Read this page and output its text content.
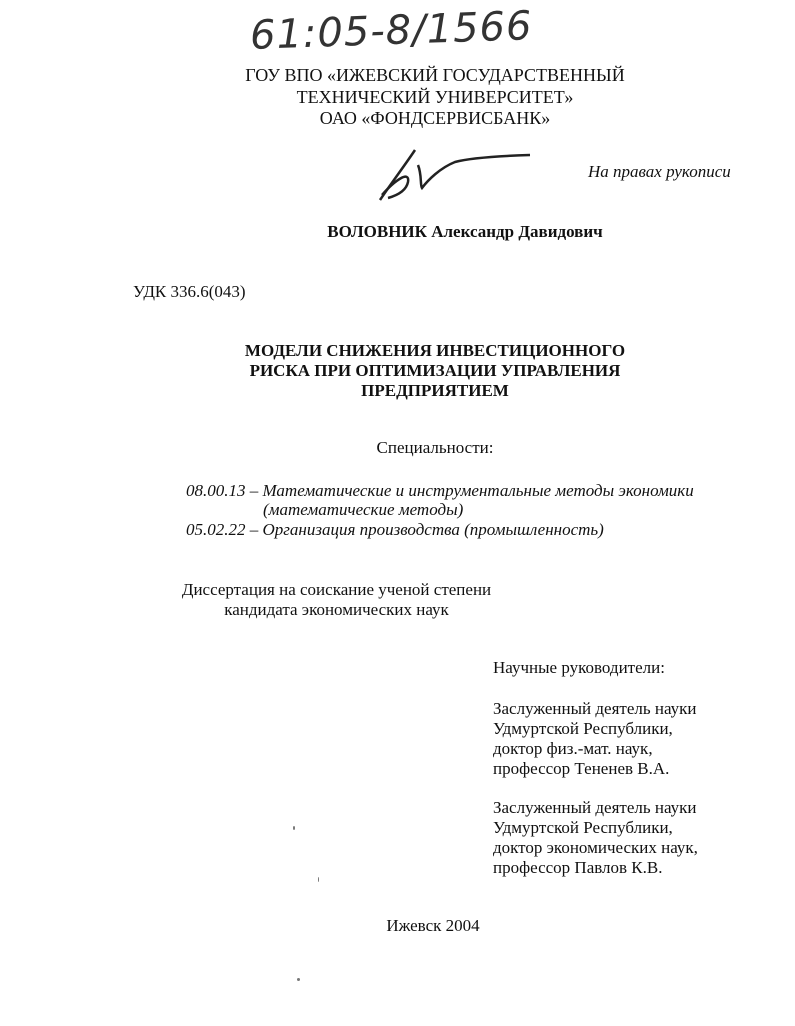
61:05-8/1566
ГОУ ВПО «ИЖЕВСКИЙ ГОСУДАРСТВЕННЫЙ
ТЕХНИЧЕСКИЙ УНИВЕРСИТЕТ»
ОАО «ФОНДСЕРВИСБАНК»
На правах рукописи
ВОЛОВНИК Александр Давидович
УДК 336.6(043)
МОДЕЛИ СНИЖЕНИЯ ИНВЕСТИЦИОННОГО
РИСКА ПРИ ОПТИМИЗАЦИИ УПРАВЛЕНИЯ
ПРЕДПРИЯТИЕМ
Специальности:
08.00.13 – Математические и инструментальные методы экономики
(математические методы)
05.02.22 – Организация производства (промышленность)
Диссертация на соискание ученой степени
кандидата экономических наук
Научные руководители:
Заслуженный деятель науки
Удмуртской Республики,
доктор физ.-мат. наук,
профессор Тененев В.А.
Заслуженный деятель науки
Удмуртской Республики,
доктор экономических наук,
профессор Павлов К.В.
Ижевск 2004
